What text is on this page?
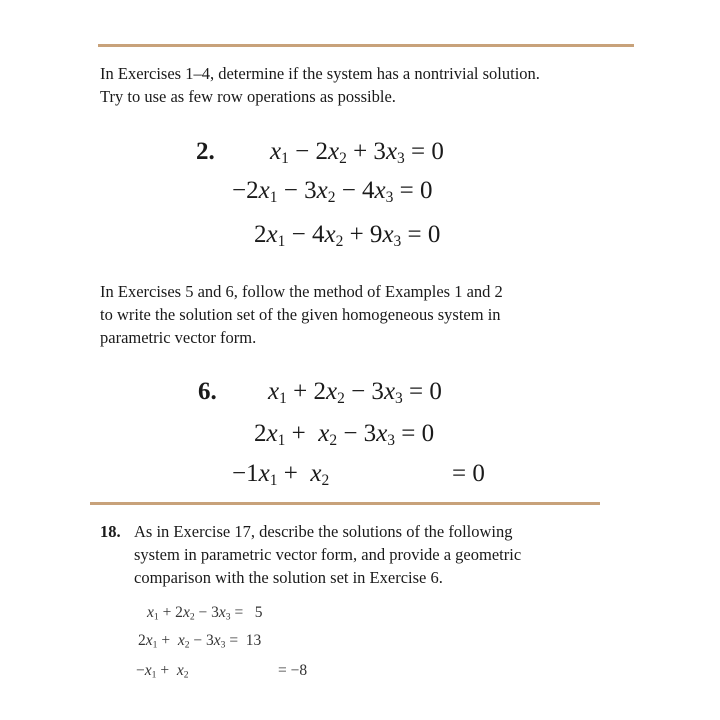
In Exercises 1–4, determine if the system has a nontrivial solution.
Try to use as few row operations as possible.
2. $x_1 - 2x_2 + 3x_3 = 0$
$-2x_1 - 3x_2 - 4x_3 = 0$
$2x_1 - 4x_2 + 9x_3 = 0$
In Exercises 5 and 6, follow the method of Examples 1 and 2
to write the solution set of the given homogeneous system in
parametric vector form.
6. $x_1 + 2x_2 - 3x_3 = 0$
$2x_1 + x_2 - 3x_3 = 0$
$-1x_1 + x_2$	= 0
18. As in Exercise 17, describe the solutions of the following
system in parametric vector form, and provide a geometric
comparison with the solution set in Exercise 6.
$x_1 + 2x_2 - 3x_3 = 5$
$2x_1 + x_2 - 3x_3 = 13$
$-x_1 + x_2$	= −8
